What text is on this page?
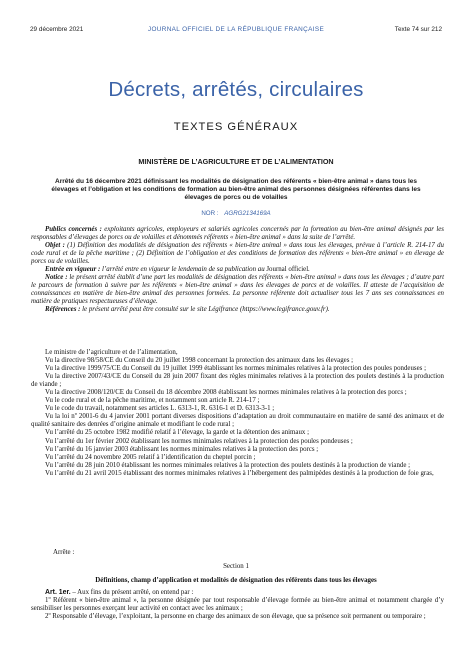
29 décembre 2021	JOURNAL OFFICIEL DE LA RÉPUBLIQUE FRANÇAISE	Texte 74 sur 212
Décrets, arrêtés, circulaires
TEXTES GÉNÉRAUX
MINISTÈRE DE L’AGRICULTURE ET DE L’ALIMENTATION
Arrêté du 16 décembre 2021 définissant les modalités de désignation des référents « bien-être animal » dans tous les élevages et l’obligation et les conditions de formation au bien-être animal des personnes désignées référentes dans les élevages de porcs ou de volailles
NOR : AGRG2134169A

Publics concernés : exploitants agricoles, employeurs et salariés agricoles concernés par la formation au bien-être animal désignés par les responsables d’élevages de porcs ou de volailles et dénommés référents « bien-être animal » dans la suite de l’arrêté.

Objet : (1) Définition des modalités de désignation des référents « bien-être animal » dans tous les élevages, prévue à l’article R. 214-17 du code rural et de la pêche maritime ; (2) Définition de l’obligation et des conditions de formation des référents « bien-être animal » en élevage de porcs ou de volailles.

Entrée en vigueur : l’arrêté entre en vigueur le lendemain de sa publication au Journal officiel.

Notice : le présent arrêté établit d’une part les modalités de désignation des référents « bien-être animal » dans tous les élevages ; d’autre part le parcours de formation à suivre par les référents « bien-être animal » dans les élevages de porcs et de volailles. Il atteste de l’acquisition de connaissances en matière de bien-être animal des personnes formées. La personne référente doit actualiser tous les 7 ans ses connaissances en matière de pratiques respectueuses d’élevage.

Références : le présent arrêté peut être consulté sur le site Légifrance (https://www.legifrance.gouv.fr).

Le ministre de l’agriculture et de l’alimentation,

Vu la directive 98/58/CE du Conseil du 20 juillet 1998 concernant la protection des animaux dans les élevages ;

Vu la directive 1999/75/CE du Conseil du 19 juillet 1999 établissant les normes minimales relatives à la protection des poules pondeuses ;

Vu la directive 2007/43/CE du Conseil du 28 juin 2007 fixant des règles minimales relatives à la protection des poulets destinés à la production de viande ;

Vu la directive 2008/120/CE du Conseil du 18 décembre 2008 établissant les normes minimales relatives à la protection des porcs ;

Vu le code rural et de la pêche maritime, et notamment son article R. 214-17 ;

Vu le code du travail, notamment ses articles L. 6313-1, R. 6316-1 et D. 6313-3-1 ;

Vu la loi nº 2001-6 du 4 janvier 2001 portant diverses dispositions d’adaptation au droit communautaire en matière de santé des animaux et de qualité sanitaire des denrées d’origine animale et modifiant le code rural ;

Vu l’arrêté du 25 octobre 1982 modifié relatif à l’élevage, la garde et la détention des animaux ;

Vu l’arrêté du 1er février 2002 établissant les normes minimales relatives à la protection des poules pondeuses ;

Vu l’arrêté du 16 janvier 2003 établissant les normes minimales relatives à la protection des porcs ;

Vu l’arrêté du 24 novembre 2005 relatif à l’identification du cheptel porcin ;

Vu l’arrêté du 28 juin 2010 établissant les normes minimales relatives à la protection des poulets destinés à la production de viande ;

Vu l’arrêté du 21 avril 2015 établissant des normes minimales relatives à l’hébergement des palmipèdes destinés à la production de foie gras,

Arrête :
Section 1
Définitions, champ d’application et modalités de désignation des référents dans tous les élevages

Art. 1er. – Aux fins du présent arrêté, on entend par :

1º Référent « bien-être animal », la personne désignée par tout responsable d’élevage formée au bien-être animal et notamment chargée d’y sensibiliser les personnes exerçant leur activité en contact avec les animaux ;

2º Responsable d’élevage, l’exploitant, la personne en charge des animaux de son élevage, que sa présence soit permanent ou temporaire ;
